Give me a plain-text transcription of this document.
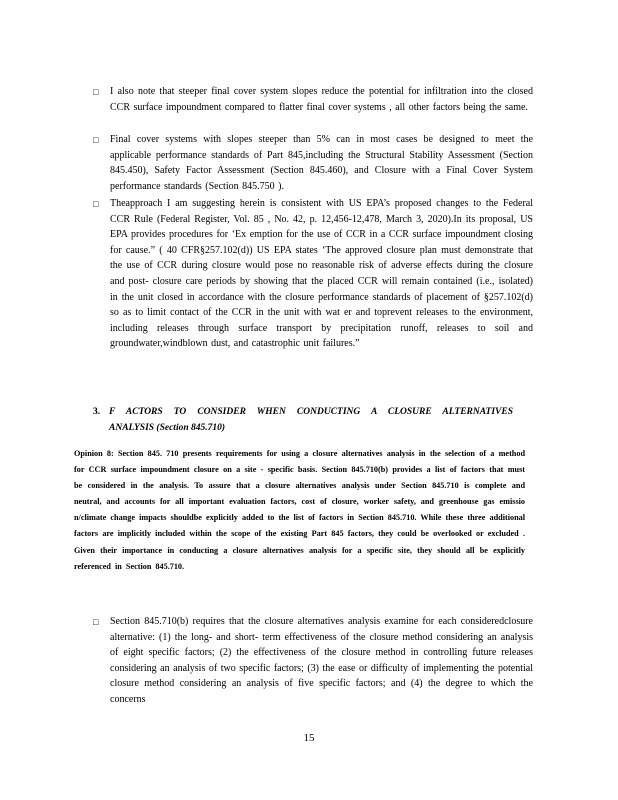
□ I also note that steeper final cover system slopes reduce the potential for infiltration into the closed CCR surface impoundment compared to flatter final cover systems , all other factors being the same.
□ Final cover systems with slopes steeper than 5% can in most cases be designed to meet the applicable performance standards of Part 845,including the Structural Stability Assessment (Section 845.450), Safety Factor Assessment (Section 845.460), and Closure with a Final Cover System performance standards (Section 845.750 ).
□ Theapproach I am suggesting herein is consistent with US EPA’s proposed changes to the Federal CCR Rule (Federal Register, Vol. 85 , No. 42, p. 12,456-12,478, March 3, 2020).In its proposal, US EPA provides procedures for ‘Ex emption for the use of CCR in a CCR surface impoundment closing for cause.” ( 40 CFR§257.102(d)) US EPA states ‘The approved closure plan must demonstrate that the use of CCR during closure would pose no reasonable risk of adverse effects during the closure and post- closure care periods by showing that the placed CCR will remain contained (i.e., isolated) in the unit closed in accordance with the closure performance standards of placement of §257.102(d) so as to limit contact of the CCR in the unit with wat er and toprevent releases to the environment, including releases through surface transport by precipitation runoff, releases to soil and groundwater,windblown dust, and catastrophic unit failures.”
3. F ACTORS TO CONSIDER WHEN CONDUCTING A CLOSURE ALTERNATIVES
ANALYSIS (Section 845.710)
Opinion 8: Section 845. 710 presents requirements for using a closure alternatives analysis in the selection of a method for CCR surface impoundment closure on a site - specific basis. Section 845.710(b) provides a list of factors that must be considered in the analysis. To assure that a closure alternatives analysis under Section 845.710 is complete and neutral, and accounts for all important evaluation factors, cost of closure, worker safety, and greenhouse gas emissio n/climate change impacts shouldbe explicitly added to the list of factors in Section 845.710. While these three additional factors are implicitly included within the scope of the existing Part 845 factors, they could be overlooked or excluded . Given their importance in conducting a closure alternatives analysis for a specific site, they should all be explicitly referenced in Section 845.710.
□ Section 845.710(b) requires that the closure alternatives analysis examine for each consideredclosure alternative: (1) the long- and short- term effectiveness of the closure method considering an analysis of eight specific factors; (2) the effectiveness of the closure method in controlling future releases considering an analysis of two specific factors; (3) the ease or difficulty of implementing the potential closure method considering an analysis of five specific factors; and (4) the degree to which the concerns
15
